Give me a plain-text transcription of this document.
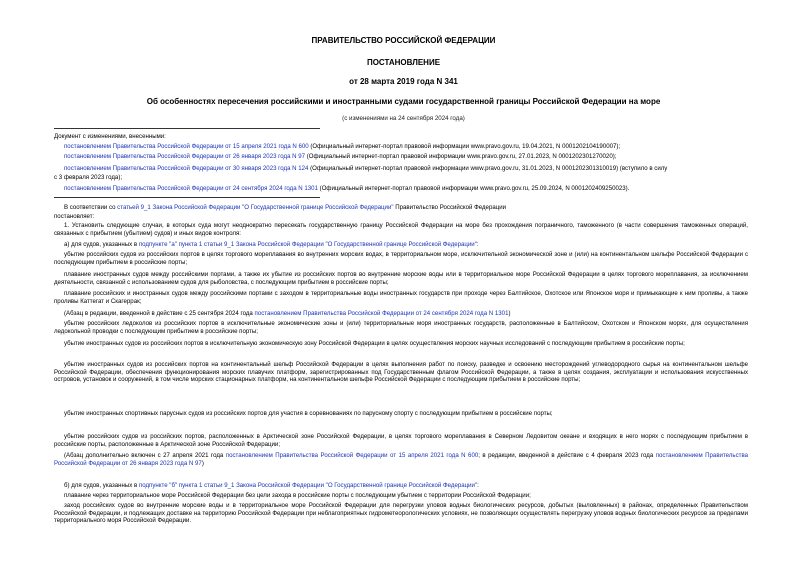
ПРАВИТЕЛЬСТВО РОССИЙСКОЙ ФЕДЕРАЦИИ
ПОСТАНОВЛЕНИЕ
от 28 марта 2019 года N 341
Об особенностях пересечения российскими и иностранными судами государственной границы Российской Федерации на море
(с изменениями на 24 сентября 2024 года)
Документ с изменениями, внесенными:
постановлением Правительства Российской Федерации от 15 апреля 2021 года N 600 (Официальный интернет-портал правовой информации www.pravo.gov.ru, 19.04.2021, N 0001202104190007);
постановлением Правительства Российской Федерации от 26 января 2023 года N 97 (Официальный интернет-портал правовой информации www.pravo.gov.ru, 27.01.2023, N 0001202301270020);
постановлением Правительства Российской Федерации от 30 января 2023 года N 124 (Официальный интернет-портал правовой информации www.pravo.gov.ru, 31.01.2023, N 0001202301310019) (вступило в силу
с 3 февраля 2023 года);
постановлением Правительства Российской Федерации от 24 сентября 2024 года N 1301 (Официальный интернет-портал правовой информации www.pravo.gov.ru, 25.09.2024, N 0001202409250023).
В соответствии со статьей 9_1 Закона Российской Федерации "О Государственной границе Российской Федерации" Правительство Российской Федерации
постановляет:
1. Установить следующие случаи, в которых суда могут неоднократно пересекать государственную границу Российской Федерации на море без прохождения пограничного, таможенного (в части совершения таможенных операций, связанных с прибытием (убытием) судов) и иных видов контроля:
а) для судов, указанных в подпункте "а" пункта 1 статьи 9_1 Закона Российской Федерации "О Государственной границе Российской Федерации":
убытие российских судов из российских портов в целях торгового мореплавания во внутренних морских водах, в территориальном море, исключительной экономической зоне и (или) на континентальном шельфе Российской Федерации с последующим прибытием в российские порты;
плавание иностранных судов между российскими портами, а также их убытие из российских портов во внутренние морские воды или в территориальное море Российской Федерации в целях торгового мореплавания, за исключением деятельности, связанной с использованием судов для рыболовства, с последующим прибытием в российские порты;
плавание российских и иностранных судов между российскими портами с заходом в территориальные воды иностранных государств при проходе через Балтийское, Охотское или Японское моря и примыкающие к ним проливы, а также проливы Каттегат и Скагеррак;
(Абзац в редакции, введенной в действие с 25 сентября 2024 года постановлением Правительства Российской Федерации от 24 сентября 2024 года N 1301)
убытие российских ледоколов из российских портов в исключительные экономические зоны и (или) территориальные моря иностранных государств, расположенные в Балтийском, Охотском и Японском морях, для осуществления ледокольной проводки с последующим прибытием в российские порты;
убытие иностранных судов из российских портов в исключительную экономическую зону Российской Федерации в целях осуществления морских научных исследований с последующим прибытием в российские порты;
убытие иностранных судов из российских портов на континентальный шельф Российской Федерации в целях выполнения работ по поиску, разведке и освоению месторождений углеводородного сырья на континентальном шельфе Российской Федерации, обеспечения функционирования морских плавучих платформ, зарегистрированных под Государственным флагом Российской Федерации, а также в целях создания, эксплуатации и использования искусственных островов, установок и сооружений, в том числе морских стационарных платформ, на континентальном шельфе Российской Федерации с последующим прибытием в российские порты;
убытие иностранных спортивных парусных судов из российских портов для участия в соревнованиях по парусному спорту с последующим прибытием в российские порты;
убытие российских судов из российских портов, расположенных в Арктической зоне Российской Федерации, в целях торгового мореплавания в Северном Ледовитом океане и входящих в него морях с последующим прибытием в российские порты, расположенные в Арктической зоне Российской Федерации;
(Абзац дополнительно включен с 27 апреля 2021 года постановлением Правительства Российской Федерации от 15 апреля 2021 года N 600; в редакции, введенной в действие с 4 февраля 2023 года постановлением Правительства Российской Федерации от 26 января 2023 года N 97)
б) для судов, указанных в подпункте "б" пункта 1 статьи 9_1 Закона Российской Федерации "О Государственной границе Российской Федерации":
плавание через территориальное море Российской Федерации без цели захода в российские порты с последующим убытием с территории Российской Федерации;
заход российских судов во внутренние морские воды и в территориальное море Российской Федерации для перегрузки уловов водных биологических ресурсов, добытых (выловленных) в районах, определенных Правительством Российской Федерации, и подлежащих доставке на территорию Российской Федерации при неблагоприятных гидрометеорологических условиях, не позволяющих осуществлять перегрузку уловов водных биологических ресурсов за пределами территориального моря Российской Федерации.
